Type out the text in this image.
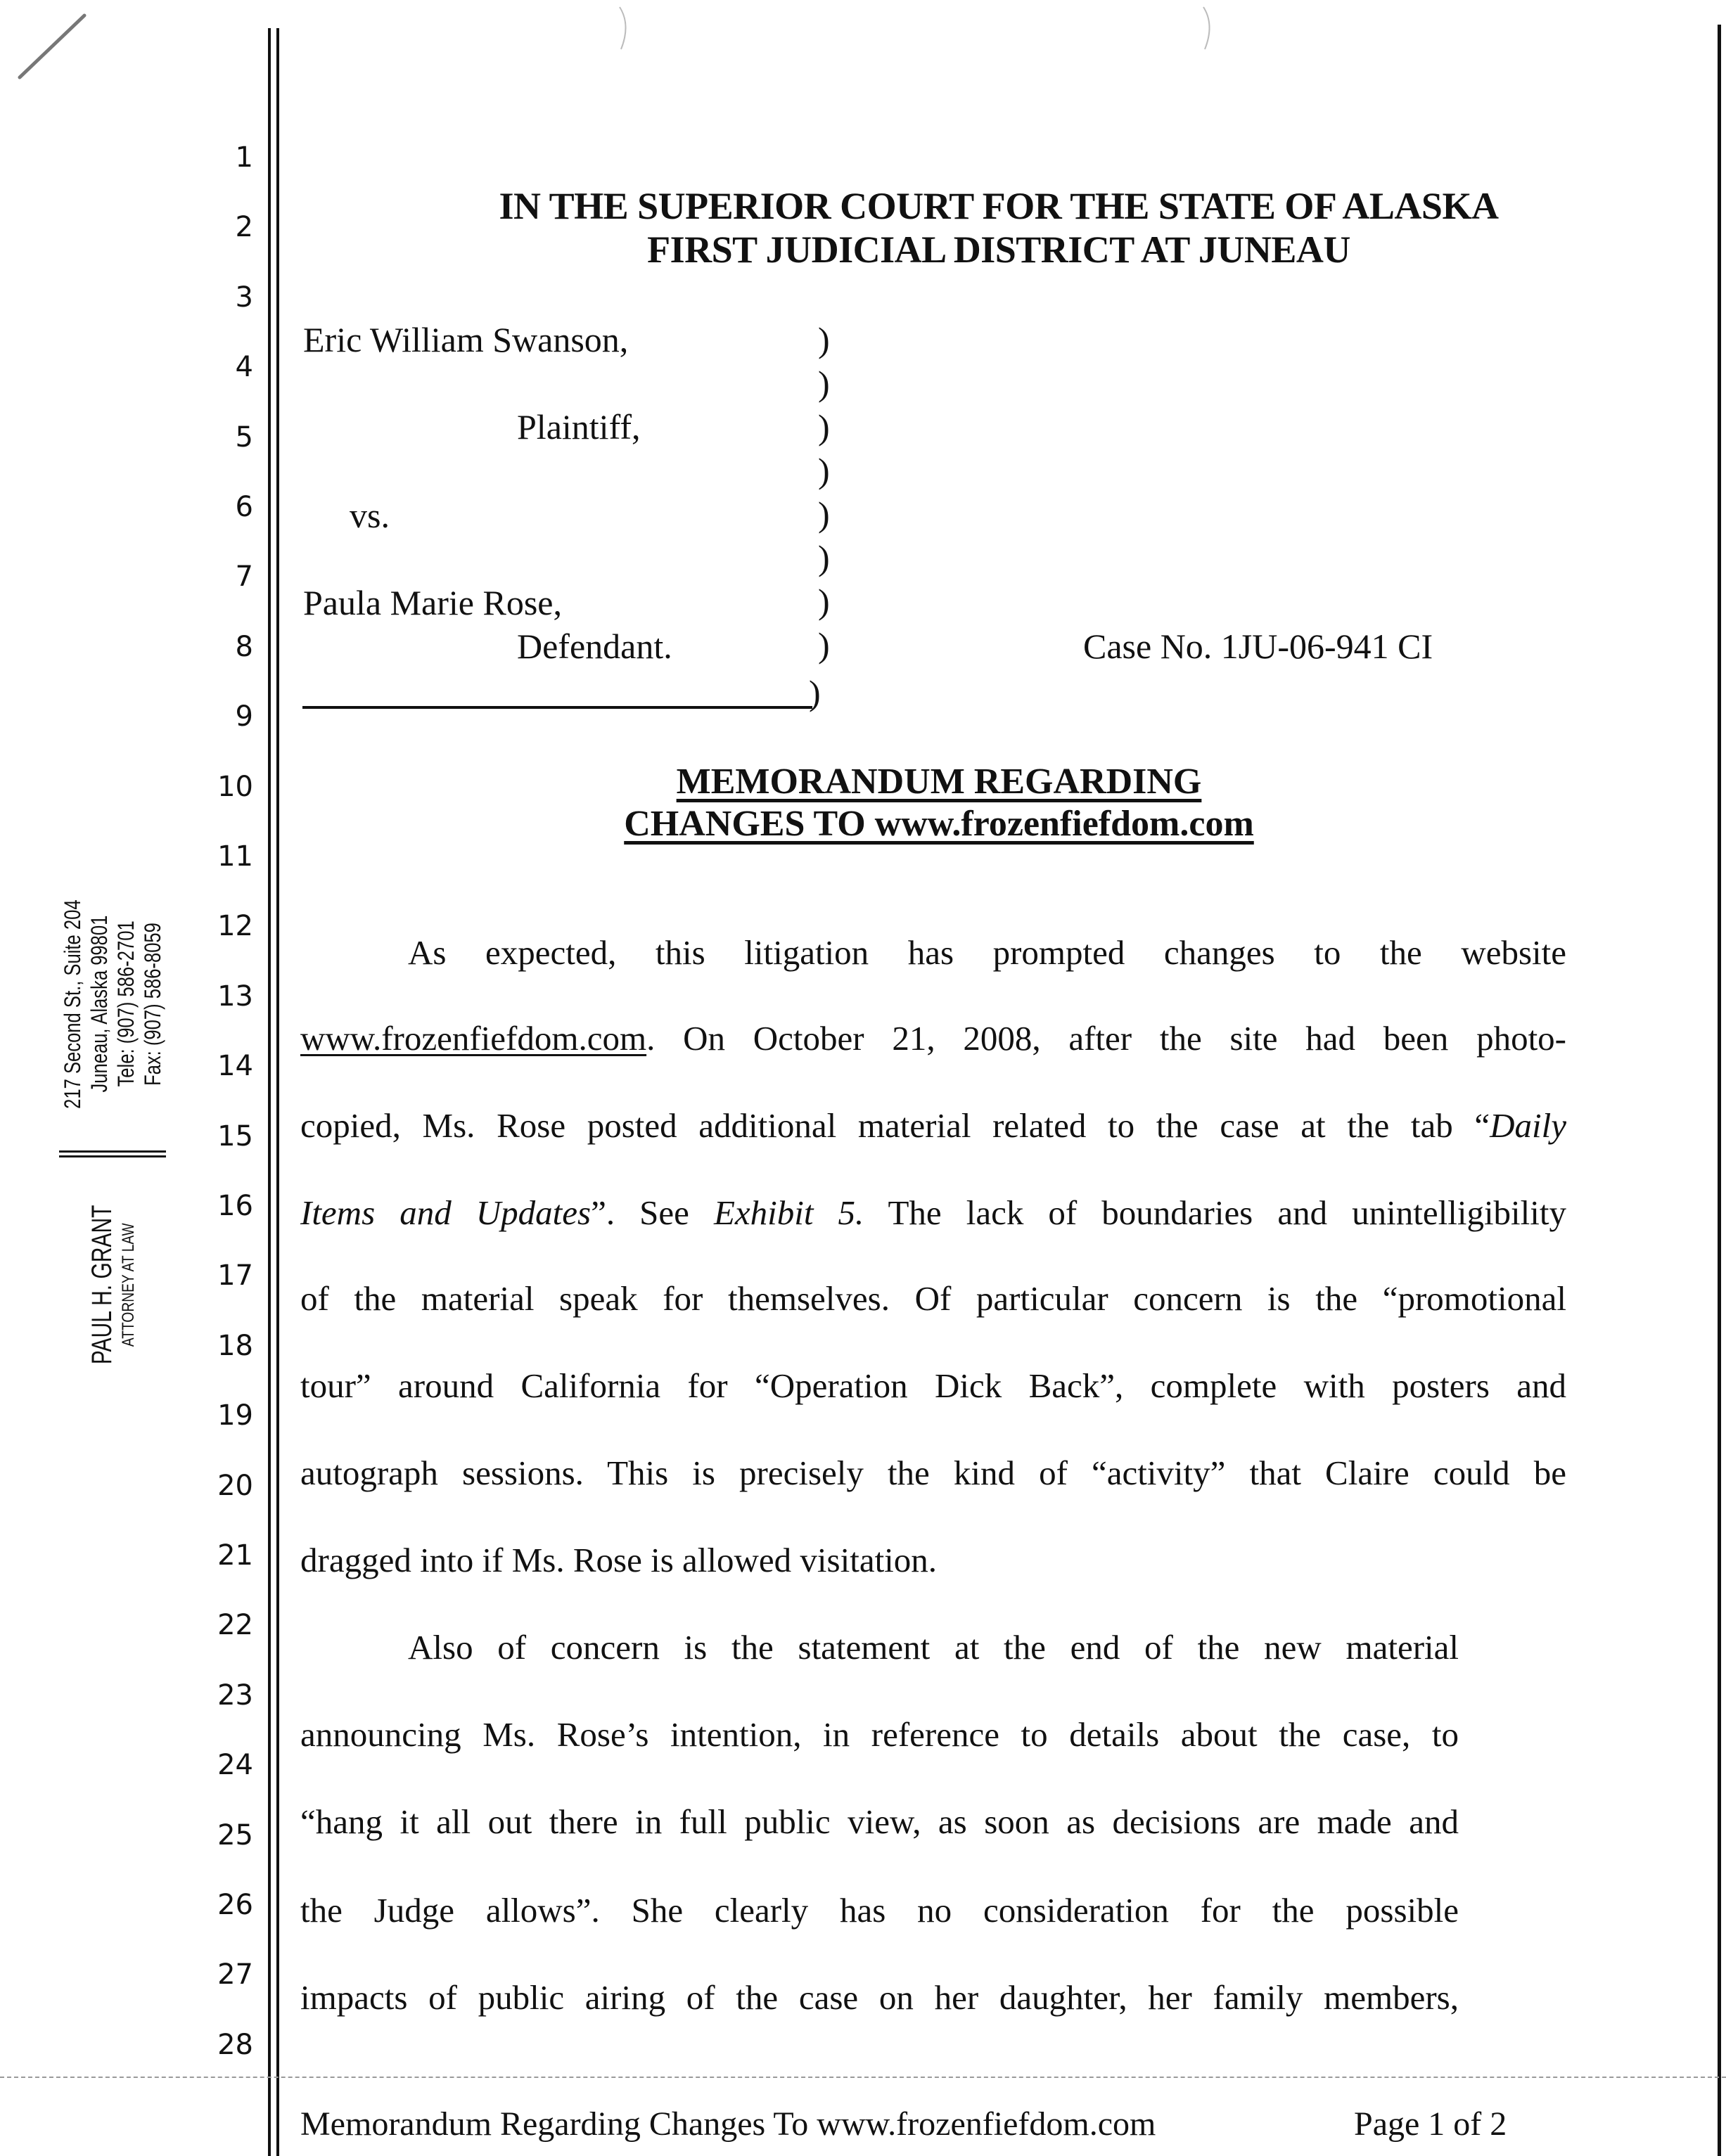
1
2
3
4
5
6
7
8
9
10
11
12
13
14
15
16
17
18
19
20
21
22
23
24
25
26
27
28
PAUL H. GRANT ATTORNEY AT LAW
217 Second St., Suite 204 Juneau, Alaska 99801 Tele: (907) 586-2701 Fax: (907) 586-8059
IN THE SUPERIOR COURT FOR THE STATE OF ALASKA
FIRST JUDICIAL DISTRICT AT JUNEAU
Eric William Swanson,
Plaintiff,
vs.
Paula Marie Rose,
Defendant.	Case No. 1JU-06-941 CI
)
)
)
)
)
)
)
)
)
MEMORANDUM REGARDING
CHANGES TO www.frozenfiefdom.com
As expected, this litigation has prompted changes to the website
www.frozenfiefdom.com. On October 21, 2008, after the site had been photo-
copied, Ms. Rose posted additional material related to the case at the tab “Daily
Items and Updates”. See Exhibit 5. The lack of boundaries and unintelligibility
of the material speak for themselves. Of particular concern is the “promotional
tour” around California for “Operation Dick Back”, complete with posters and
autograph sessions. This is precisely the kind of “activity” that Claire could be
dragged into if Ms. Rose is allowed visitation.
Also of concern is the statement at the end of the new material
announcing Ms. Rose’s intention, in reference to details about the case, to
“hang it all out there in full public view, as soon as decisions are made and
the Judge allows”. She clearly has no consideration for the possible
impacts of public airing of the case on her daughter, her family members,
Memorandum Regarding Changes To www.frozenfiefdom.com	Page 1 of 2
